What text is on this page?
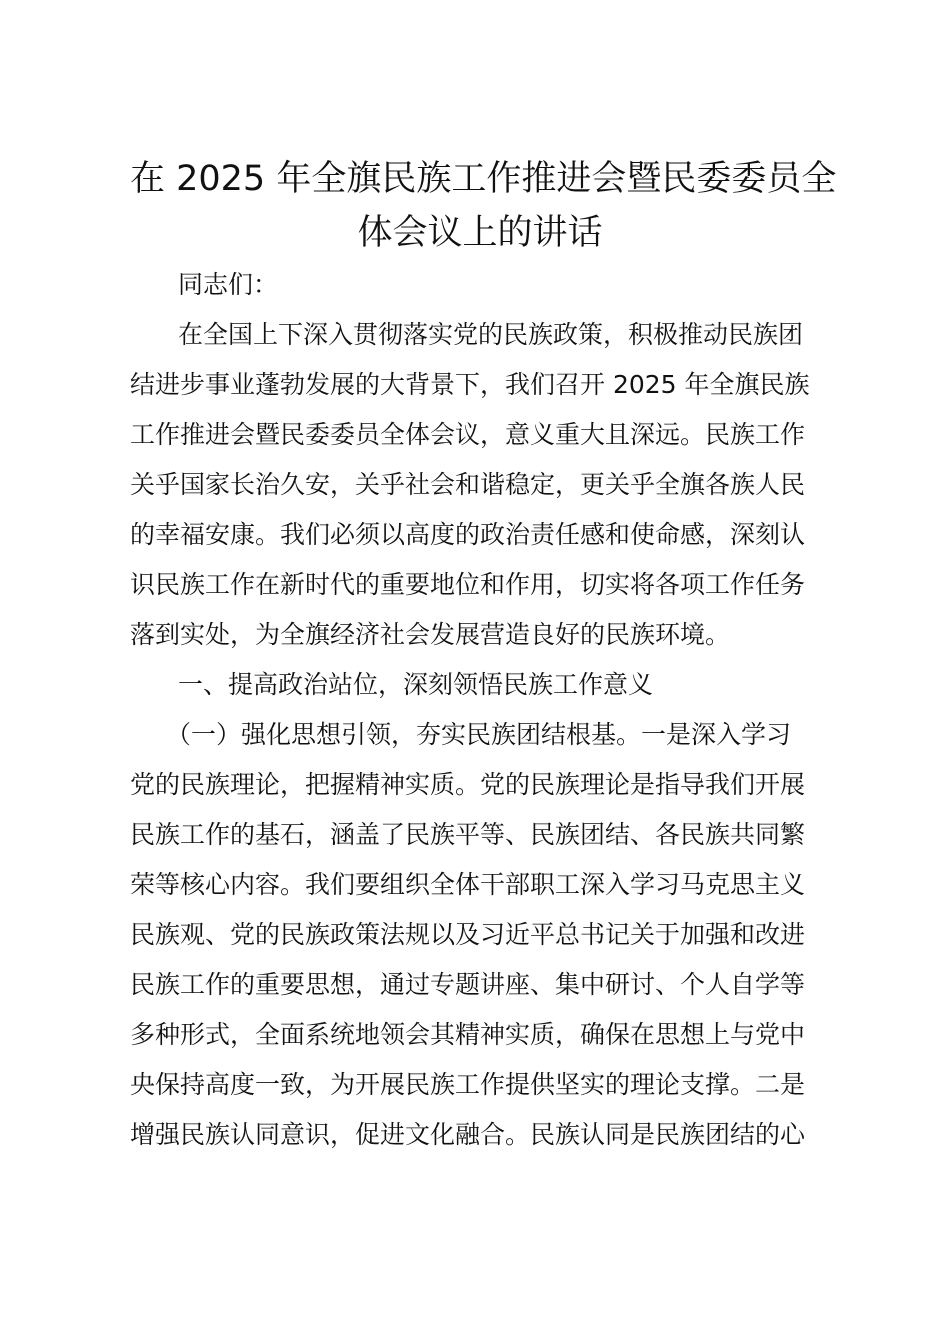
在 2025 年全旗民族工作推进会暨民委委员全
体会议上的讲话

同志们：

在全国上下深入贯彻落实党的民族政策，积极推动民族团
结进步事业蓬勃发展的大背景下，我们召开 2025 年全旗民族
工作推进会暨民委委员全体会议，意义重大且深远。民族工作
关乎国家长治久安，关乎社会和谐稳定，更关乎全旗各族人民
的幸福安康。我们必须以高度的政治责任感和使命感，深刻认
识民族工作在新时代的重要地位和作用，切实将各项工作任务
落到实处，为全旗经济社会发展营造良好的民族环境。

一、提高政治站位，深刻领悟民族工作意义

（一）强化思想引领，夯实民族团结根基。一是深入学习
党的民族理论，把握精神实质。党的民族理论是指导我们开展
民族工作的基石，涵盖了民族平等、民族团结、各民族共同繁
荣等核心内容。我们要组织全体干部职工深入学习马克思主义
民族观、党的民族政策法规以及习近平总书记关于加强和改进
民族工作的重要思想，通过专题讲座、集中研讨、个人自学等
多种形式，全面系统地领会其精神实质，确保在思想上与党中
央保持高度一致，为开展民族工作提供坚实的理论支撑。二是
增强民族认同意识，促进文化融合。民族认同是民族团结的心
